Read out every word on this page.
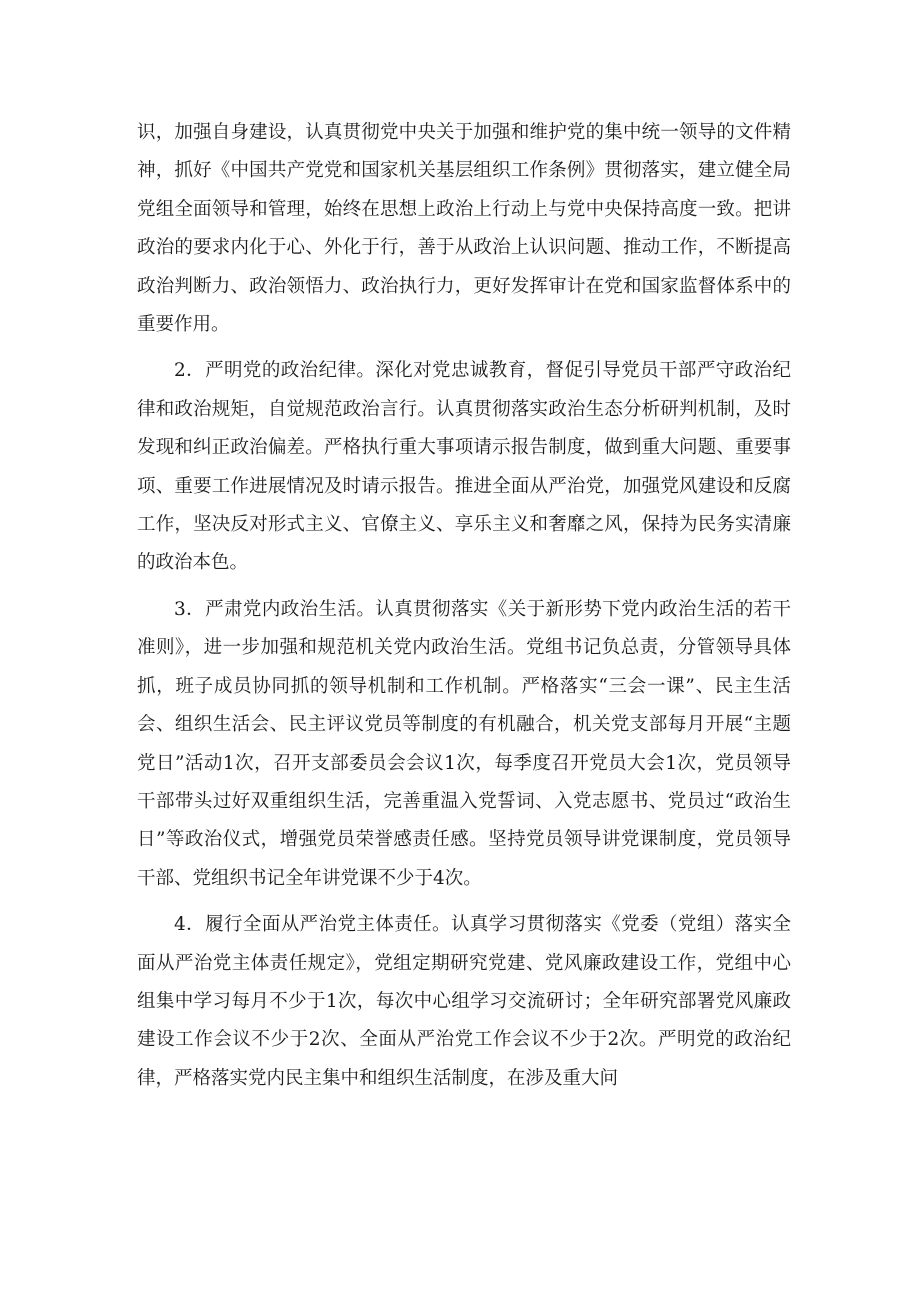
识，加强自身建设，认真贯彻党中央关于加强和维护党的集中统一领导的文件精神，抓好《中国共产党党和国家机关基层组织工作条例》贯彻落实，建立健全局党组全面领导和管理，始终在思想上政治上行动上与党中央保持高度一致。把讲政治的要求内化于心、外化于行，善于从政治上认识问题、推动工作，不断提高政治判断力、政治领悟力、政治执行力，更好发挥审计在党和国家监督体系中的重要作用。

2．严明党的政治纪律。深化对党忠诚教育，督促引导党员干部严守政治纪律和政治规矩，自觉规范政治言行。认真贯彻落实政治生态分析研判机制，及时发现和纠正政治偏差。严格执行重大事项请示报告制度，做到重大问题、重要事项、重要工作进展情况及时请示报告。推进全面从严治党，加强党风建设和反腐工作，坚决反对形式主义、官僚主义、享乐主义和奢靡之风，保持为民务实清廉的政治本色。

3．严肃党内政治生活。认真贯彻落实《关于新形势下党内政治生活的若干准则》，进一步加强和规范机关党内政治生活。党组书记负总责，分管领导具体抓，班子成员协同抓的领导机制和工作机制。严格落实“三会一课”、民主生活会、组织生活会、民主评议党员等制度的有机融合，机关党支部每月开展“主题党日”活动1次，召开支部委员会会议1次，每季度召开党员大会1次，党员领导干部带头过好双重组织生活，完善重温入党誓词、入党志愿书、党员过“政治生日”等政治仪式，增强党员荣誉感责任感。坚持党员领导讲党课制度，党员领导干部、党组织书记全年讲党课不少于4次。

4．履行全面从严治党主体责任。认真学习贯彻落实《党委（党组）落实全面从严治党主体责任规定》，党组定期研究党建、党风廉政建设工作，党组中心组集中学习每月不少于1次，每次中心组学习交流研讨；全年研究部署党风廉政建设工作会议不少于2次、全面从严治党工作会议不少于2次。严明党的政治纪律，严格落实党内民主集中和组织生活制度，在涉及重大问
